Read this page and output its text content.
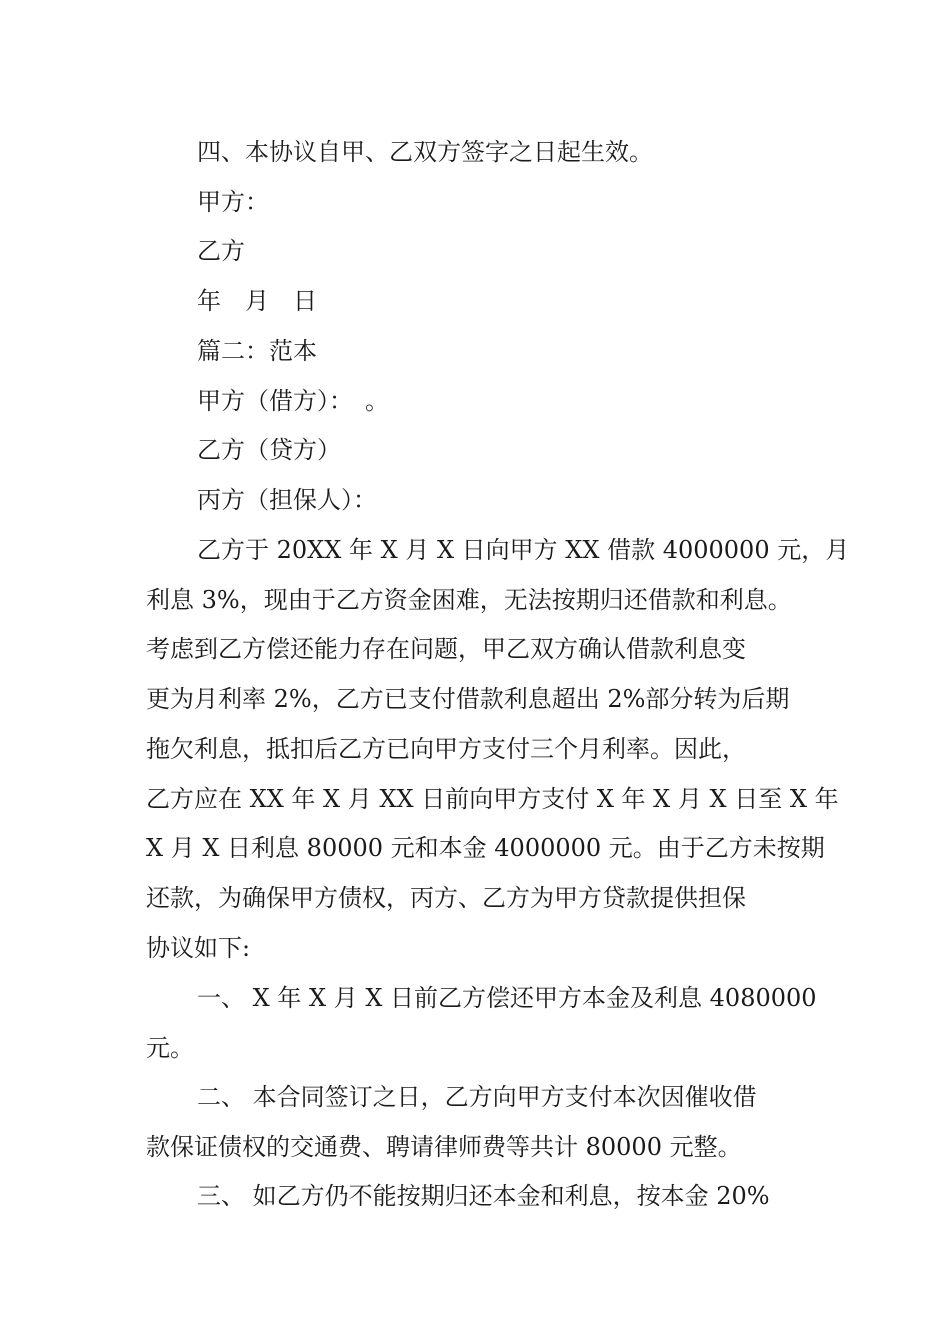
四、本协议自甲、乙双方签字之日起生效。
甲方：
乙方
年　月　日
篇二：范本
甲方（借方）：　。
乙方（贷方）
丙方（担保人）：
乙方于 20XX 年 X 月 X 日向甲方 XX 借款 4000000 元，月
利息 3%，现由于乙方资金困难，无法按期归还借款和利息。
考虑到乙方偿还能力存在问题，甲乙双方确认借款利息变
更为月利率 2%，乙方已支付借款利息超出 2%部分转为后期
拖欠利息，抵扣后乙方已向甲方支付三个月利率。因此，
乙方应在 XX 年 X 月 XX 日前向甲方支付 X 年 X 月 X 日至 X 年
X 月 X 日利息 80000 元和本金 4000000 元。由于乙方未按期
还款，为确保甲方债权，丙方、乙方为甲方贷款提供担保
协议如下:
一、 X 年 X 月 X 日前乙方偿还甲方本金及利息 4080000
元。
二、 本合同签订之日，乙方向甲方支付本次因催收借
款保证债权的交通费、聘请律师费等共计 80000 元整。
三、 如乙方仍不能按期归还本金和利息，按本金 20%
